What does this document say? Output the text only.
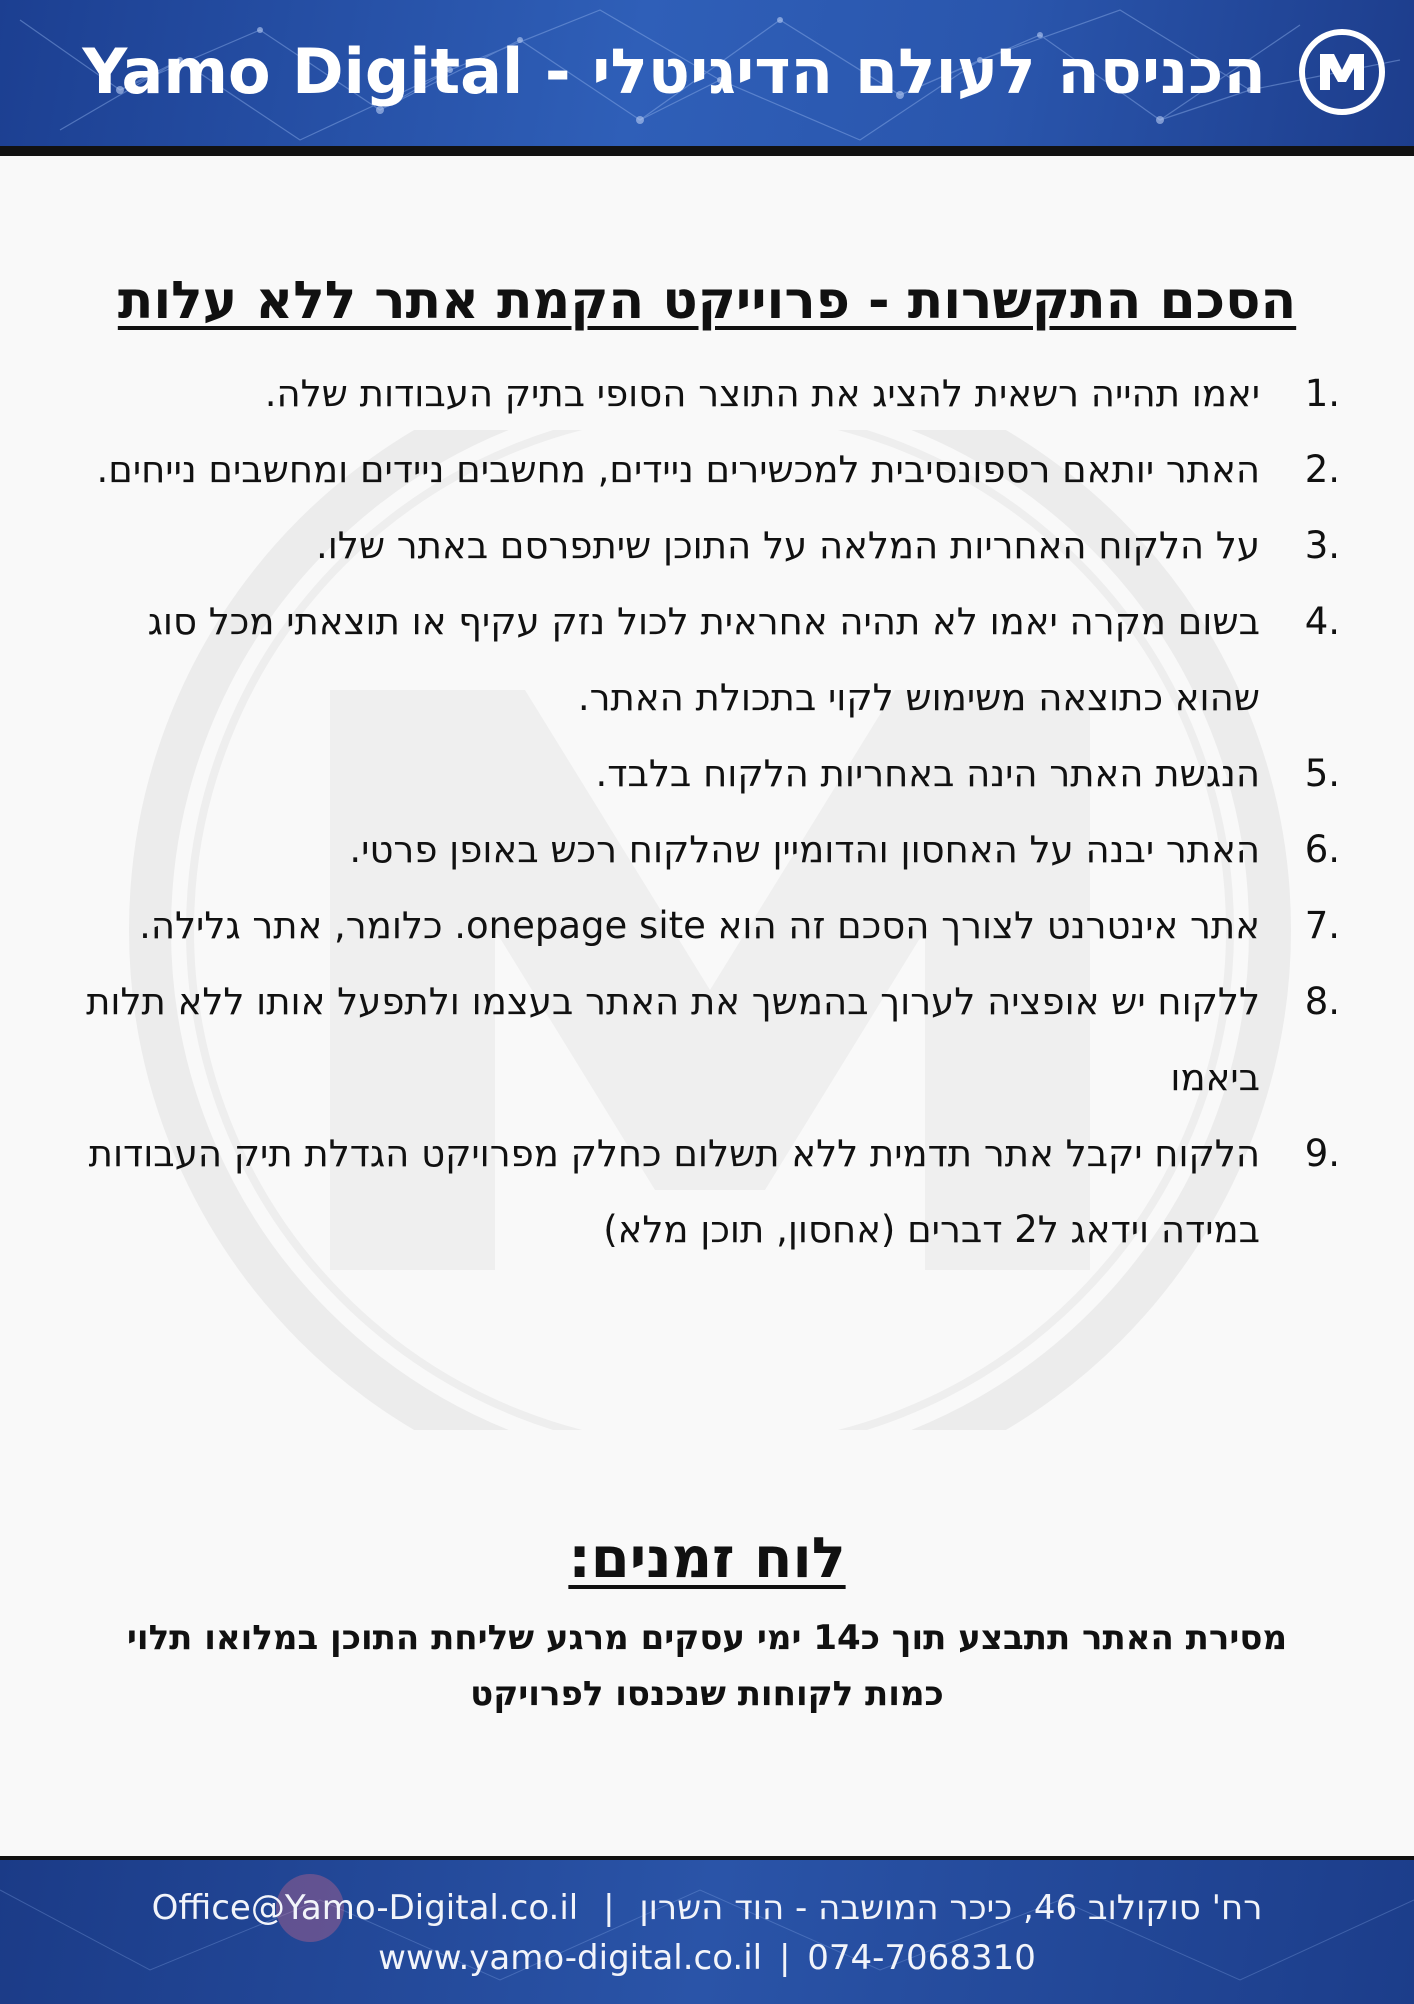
Yamo Digital - הכניסה לעולם הדיגיטלי
הסכם התקשרות - פרוייקט הקמת אתר ללא עלות
1.
יאמו תהייה רשאית להציג את התוצר הסופי בתיק העבודות שלה.
2.
האתר יותאם רספונסיבית למכשירים ניידים, מחשבים ניידים ומחשבים נייחים.
3.
על הלקוח האחריות המלאה על התוכן שיתפרסם באתר שלו.
4.
בשום מקרה יאמו לא תהיה אחראית לכול נזק עקיף או תוצאתי מכל סוג שהוא כתוצאה משימוש לקוי בתכולת האתר.
5.
הנגשת האתר הינה באחריות הלקוח בלבד.
6.
האתר יבנה על האחסון והדומיין שהלקוח רכש באופן פרטי.
7.
אתר אינטרנט לצורך הסכם זה הוא onepage site. כלומר, אתר גלילה.
8.
ללקוח יש אופציה לערוך בהמשך את האתר בעצמו ולתפעל אותו ללא תלות ביאמו
9.
הלקוח יקבל אתר תדמית ללא תשלום כחלק מפרויקט הגדלת תיק העבודות במידה וידאג ל2 דברים (אחסון, תוכן מלא)
לוח זמנים:
מסירת האתר תתבצע תוך כ14 ימי עסקים מרגע שליחת התוכן במלואו תלוי כמות לקוחות שנכנסו לפרויקט
Office@Yamo-Digital.co.il | רח' סוקולוב 46, כיכר המושבה - הוד השרון
www.yamo-digital.co.il | 074-7068310
